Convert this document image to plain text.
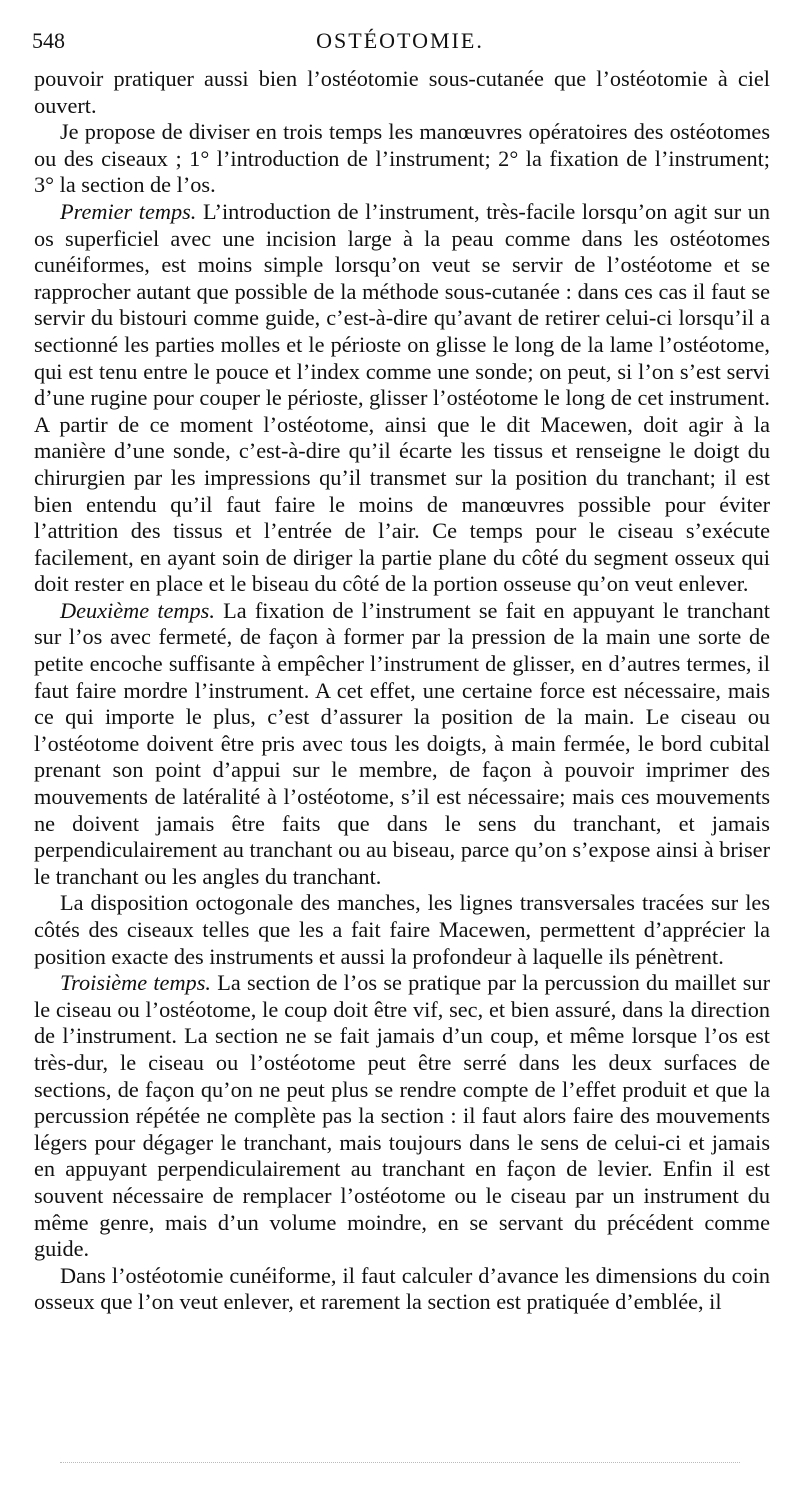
548	OSTÉOTOMIE.

pouvoir pratiquer aussi bien l’ostéotomie sous-cutanée que l’ostéotomie à ciel ouvert.

Je propose de diviser en trois temps les manœuvres opératoires des ostéotomes ou des ciseaux ; 1° l’introduction de l’instrument; 2° la fixation de l’instrument; 3° la section de l’os.

Premier temps. L’introduction de l’instrument, très-facile lorsqu’on agit sur un os superficiel avec une incision large à la peau comme dans les ostéotomes cunéiformes, est moins simple lorsqu’on veut se servir de l’ostéotome et se rapprocher autant que possible de la méthode sous-cutanée : dans ces cas il faut se servir du bistouri comme guide, c’est-à-dire qu’avant de retirer celui-ci lorsqu’il a sectionné les parties molles et le périoste on glisse le long de la lame l’ostéotome, qui est tenu entre le pouce et l’index comme une sonde; on peut, si l’on s’est servi d’une rugine pour couper le périoste, glisser l’ostéotome le long de cet instrument. A partir de ce moment l’ostéotome, ainsi que le dit Macewen, doit agir à la manière d’une sonde, c’est-à-dire qu’il écarte les tissus et renseigne le doigt du chirurgien par les impressions qu’il transmet sur la position du tranchant; il est bien entendu qu’il faut faire le moins de manœuvres possible pour éviter l’attrition des tissus et l’entrée de l’air. Ce temps pour le ciseau s’exécute facilement, en ayant soin de diriger la partie plane du côté du segment osseux qui doit rester en place et le biseau du côté de la portion osseuse qu’on veut enlever.

Deuxième temps. La fixation de l’instrument se fait en appuyant le tranchant sur l’os avec fermeté, de façon à former par la pression de la main une sorte de petite encoche suffisante à empêcher l’instrument de glisser, en d’autres termes, il faut faire mordre l’instrument. A cet effet, une certaine force est nécessaire, mais ce qui importe le plus, c’est d’assurer la position de la main. Le ciseau ou l’ostéotome doivent être pris avec tous les doigts, à main fermée, le bord cubital prenant son point d’appui sur le membre, de façon à pouvoir imprimer des mouvements de latéralité à l’ostéotome, s’il est nécessaire; mais ces mouvements ne doivent jamais être faits que dans le sens du tranchant, et jamais perpendiculairement au tranchant ou au biseau, parce qu’on s’expose ainsi à briser le tranchant ou les angles du tranchant.

La disposition octogonale des manches, les lignes transversales tracées sur les côtés des ciseaux telles que les a fait faire Macewen, permettent d’apprécier la position exacte des instruments et aussi la profondeur à laquelle ils pénètrent.

Troisième temps. La section de l’os se pratique par la percussion du maillet sur le ciseau ou l’ostéotome, le coup doit être vif, sec, et bien assuré, dans la direction de l’instrument. La section ne se fait jamais d’un coup, et même lorsque l’os est très-dur, le ciseau ou l’ostéotome peut être serré dans les deux surfaces de sections, de façon qu’on ne peut plus se rendre compte de l’effet produit et que la percussion répétée ne complète pas la section : il faut alors faire des mouvements légers pour dégager le tranchant, mais toujours dans le sens de celui-ci et jamais en appuyant perpendiculairement au tranchant en façon de levier. Enfin il est souvent nécessaire de remplacer l’ostéotome ou le ciseau par un instrument du même genre, mais d’un volume moindre, en se servant du précédent comme guide.

Dans l’ostéotomie cunéiforme, il faut calculer d’avance les dimensions du coin osseux que l’on veut enlever, et rarement la section est pratiquée d’emblée, il
